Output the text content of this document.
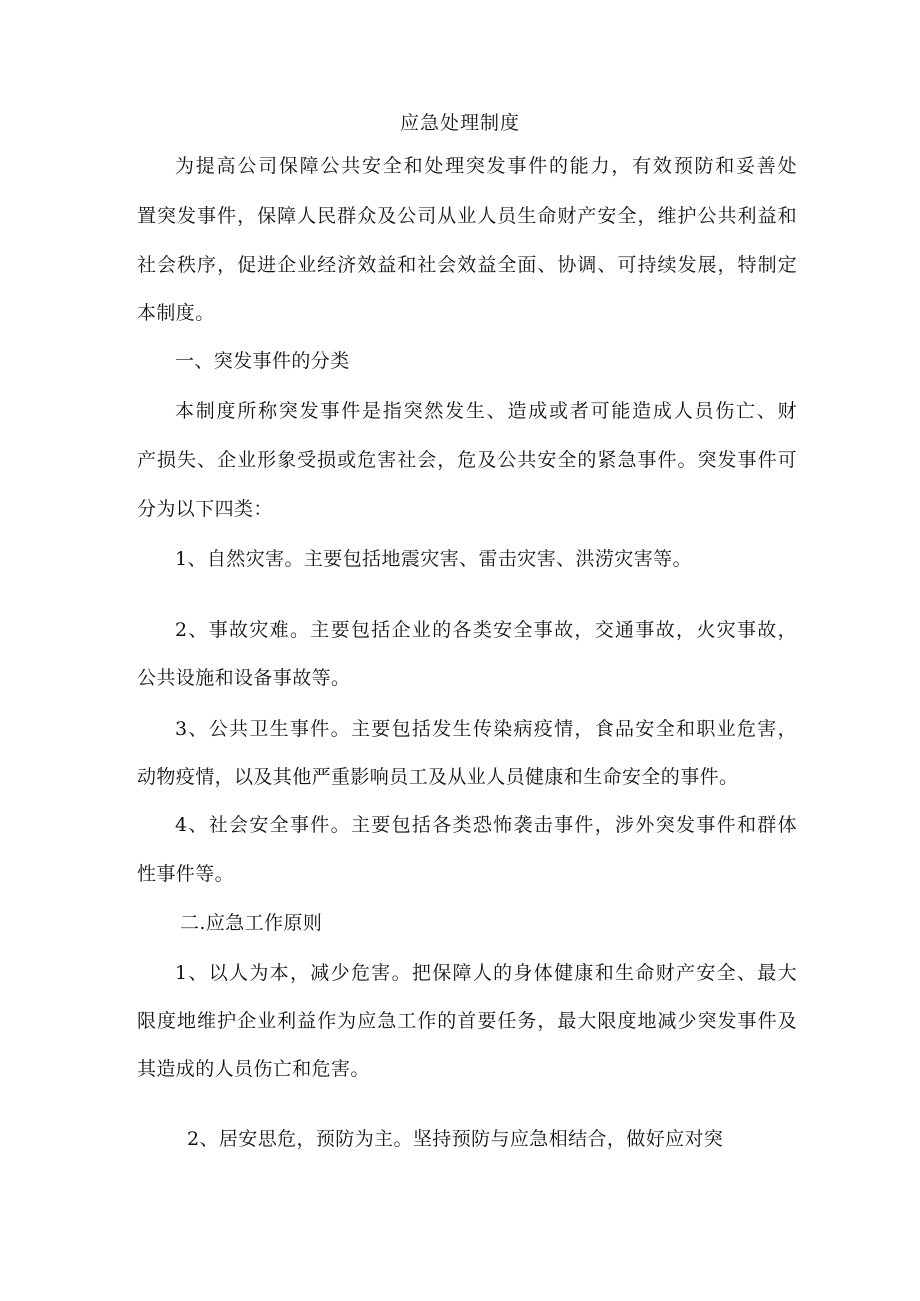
应急处理制度

为提高公司保障公共安全和处理突发事件的能力，有效预防和妥善处

置突发事件，保障人民群众及公司从业人员生命财产安全，维护公共利益和

社会秩序，促进企业经济效益和社会效益全面、协调、可持续发展，特制定

本制度。

一、突发事件的分类

本制度所称突发事件是指突然发生、造成或者可能造成人员伤亡、财

产损失、企业形象受损或危害社会，危及公共安全的紧急事件。突发事件可

分为以下四类：

1、自然灾害。主要包括地震灾害、雷击灾害、洪涝灾害等。

2、事故灾难。主要包括企业的各类安全事故，交通事故，火灾事故，

公共设施和设备事故等。

3、公共卫生事件。主要包括发生传染病疫情，食品安全和职业危害，

动物疫情，以及其他严重影响员工及从业人员健康和生命安全的事件。

4、社会安全事件。主要包括各类恐怖袭击事件，涉外突发事件和群体

性事件等。

二.应急工作原则

1、以人为本，减少危害。把保障人的身体健康和生命财产安全、最大

限度地维护企业利益作为应急工作的首要任务，最大限度地减少突发事件及

其造成的人员伤亡和危害。

2、居安思危，预防为主。坚持预防与应急相结合，做好应对突
